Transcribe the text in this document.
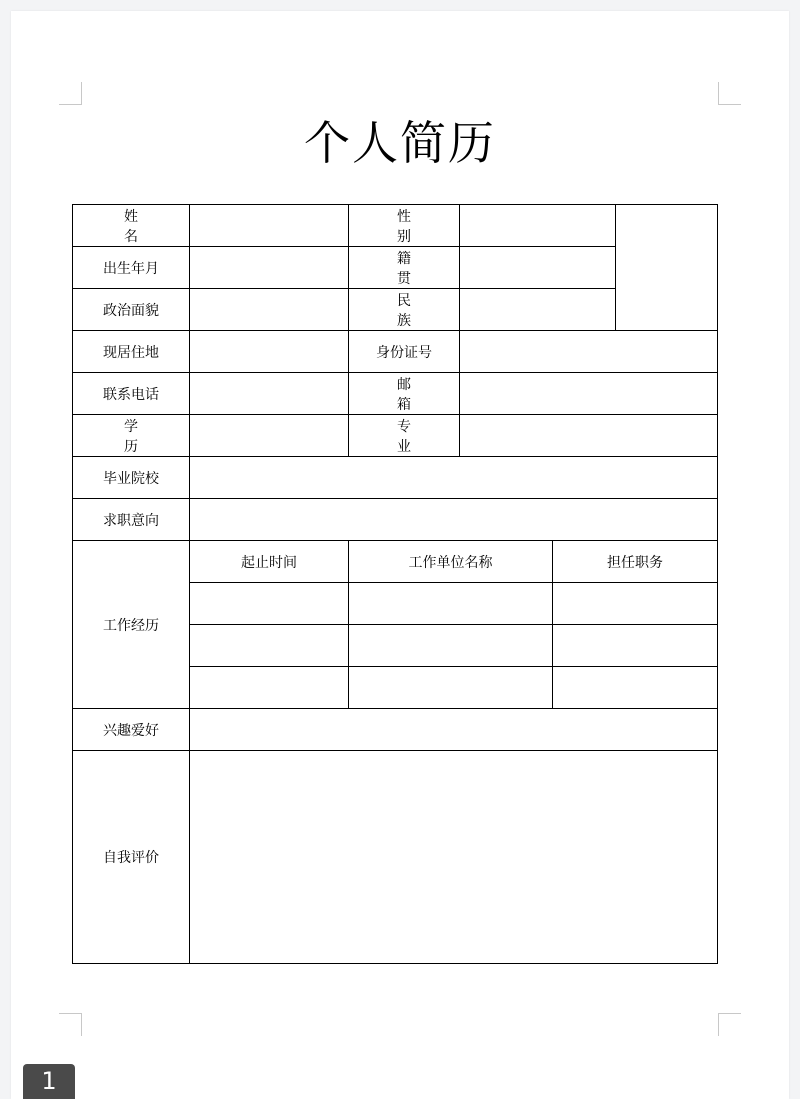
个人简历
姓 名		性 别			
出生年月		籍 贯			
政治面貌		民 族			
现居住地		身份证号			
联系电话		邮 箱			
学 历		专 业			
毕业院校					
求职意向					
工作经历	起止时间	工作单位名称		担任职务	

兴趣爱好					
自我评价					
1
